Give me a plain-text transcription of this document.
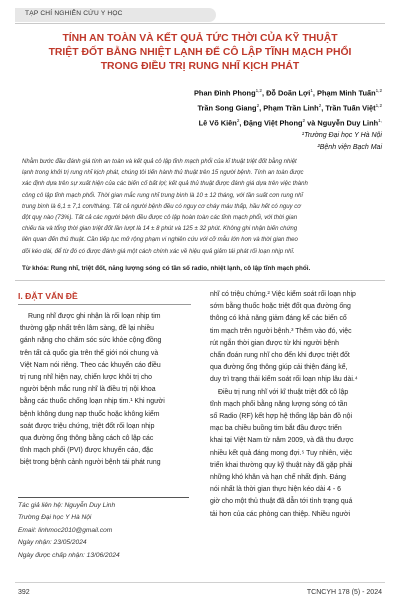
TẠP CHÍ NGHIÊN CỨU Y HỌC
TÍNH AN TOÀN VÀ KẾT QUẢ TỨC THỜI CỦA KỸ THUẬT
TRIỆT ĐỐT BẰNG NHIỆT LẠNH ĐỂ CÔ LẬP TĨNH MẠCH PHỔI
TRONG ĐIỀU TRỊ RUNG NHĨ KỊCH PHÁT
Phan Đình Phong$^{1,2}$, Đỗ Doãn Lợi$^1$, Phạm Minh Tuấn$^{1,2}$
Trần Song Giang$^2$, Phạm Trần Linh$^2$, Trần Tuấn Việt$^{1,2}$
Lê Võ Kiên$^2$, Đặng Việt Phong$^2$ và Nguyễn Duy Linh$^{1,}$
¹Trường Đại học Y Hà Nội
²Bệnh viện Bạch Mai
Nhằm bước đầu đánh giá tính an toàn và kết quả cô lập tĩnh mạch phổi của kĩ thuật triệt đốt bằng nhiệt
lạnh trong khởi trị rung nhĩ kịch phát, chúng tôi tiến hành thủ thuật trên 15 người bệnh. Tính an toàn được
xác định dựa trên sự xuất hiện của các biến cố bất lợi; kết quả thủ thuật được đánh giá dựa trên việc thành
công cô lập tĩnh mạch phổi. Thời gian mắc rung nhĩ trung bình là 10 ± 12 tháng, với tần suất cơn rung nhĩ
trung bình là 6,1 ± 7,1 cơn/tháng. Tất cả người bệnh đều có nguy cơ cháy máu thấp, hầu hết có nguy cơ
đột quỵ nào (73%). Tất cả các người bệnh đều được cô lập hoàn toàn các tĩnh mạch phổi, với thời gian
chiếu tia và tổng thời gian triệt đốt lần lượt là 14 ± 8 phút và 125 ± 32 phút. Không ghi nhận biến chứng
liên quan đến thủ thuật. Cần tiếp tục mở rộng phạm vi nghiên cứu với cỡ mẫu lớn hơn và thời gian theo
dõi kéo dài, để từ đó có được đánh giá một cách chính xác về hiệu quả giảm tái phát rối loạn nhịp nhĩ.
Từ khóa: Rung nhĩ, triệt đốt, năng lượng sóng có tần số radio, nhiệt lạnh, cô lập tĩnh mạch phổi.
I. ĐẶT VẤN ĐỀ
Rung nhĩ được ghi nhận là rối loạn nhịp tim
thường gặp nhất trên lâm sàng, đề lại nhiều
gánh nặng cho chăm sóc sức khỏe cộng đồng
trên tất cả quốc gia trên thế giới nói chung và
Việt Nam nói riêng. Theo các khuyến cáo điều
trị rung nhĩ hiện nay, chiến lược khôi trị cho
người bệnh mắc rung nhĩ là điều trị nội khoa
bằng các thuốc chống loạn nhịp tim.¹ Khi người
bệnh không dung nạp thuốc hoặc không kiểm
soát được triệu chứng, triệt đốt rối loạn nhịp
qua đường ống thông bằng cách cô lập các
tĩnh mạch phổi (PVI) được khuyến cáo, đặc
biệt trong bệnh cảnh người bệnh tái phát rung
Tác giả liên hệ: Nguyễn Duy Linh
Trường Đại học Y Hà Nội
Email: linhmoc2010@gmail.com
Ngày nhận: 23/05/2024
Ngày được chấp nhận: 13/06/2024
nhĩ có triệu chứng.² Việc kiểm soát rối loạn nhịp
sớm bằng thuốc hoặc triệt đốt qua đường ống
thông có khả năng giảm đáng kể các biến cố
tim mạch trên người bệnh.³ Thêm vào đó, việc
rút ngắn thời gian được từ khi người bệnh
chẩn đoán rung nhĩ cho đến khi được triệt đốt
qua đường ống thông giúp cải thiện đáng kể,
duy trì trạng thái kiểm soát rối loạn nhịp lâu dài.⁴
Điều trị rung nhĩ với kĩ thuật triệt đốt cô lập
tĩnh mạch phổi bằng năng lượng sóng có tần
số Radio (RF) kết hợp hệ thống lập bản đồ nội
mạc ba chiều buồng tim bắt đầu được triển
khai tại Việt Nam từ năm 2009, và đã thu được
nhiều kết quả đáng mong đợi.⁵ Tuy nhiên, việc
triển khai thường quy kỹ thuật này đã gặp phải
những khó khăn và hạn chế nhất định. Đáng
nói nhất là thời gian thực hiện kéo dài 4 - 6
giờ cho một thủ thuật đã dẫn tới tình trạng quá
tải hơn của các phòng can thiệp. Nhiều người
392	TCNCYH 178 (5) - 2024
